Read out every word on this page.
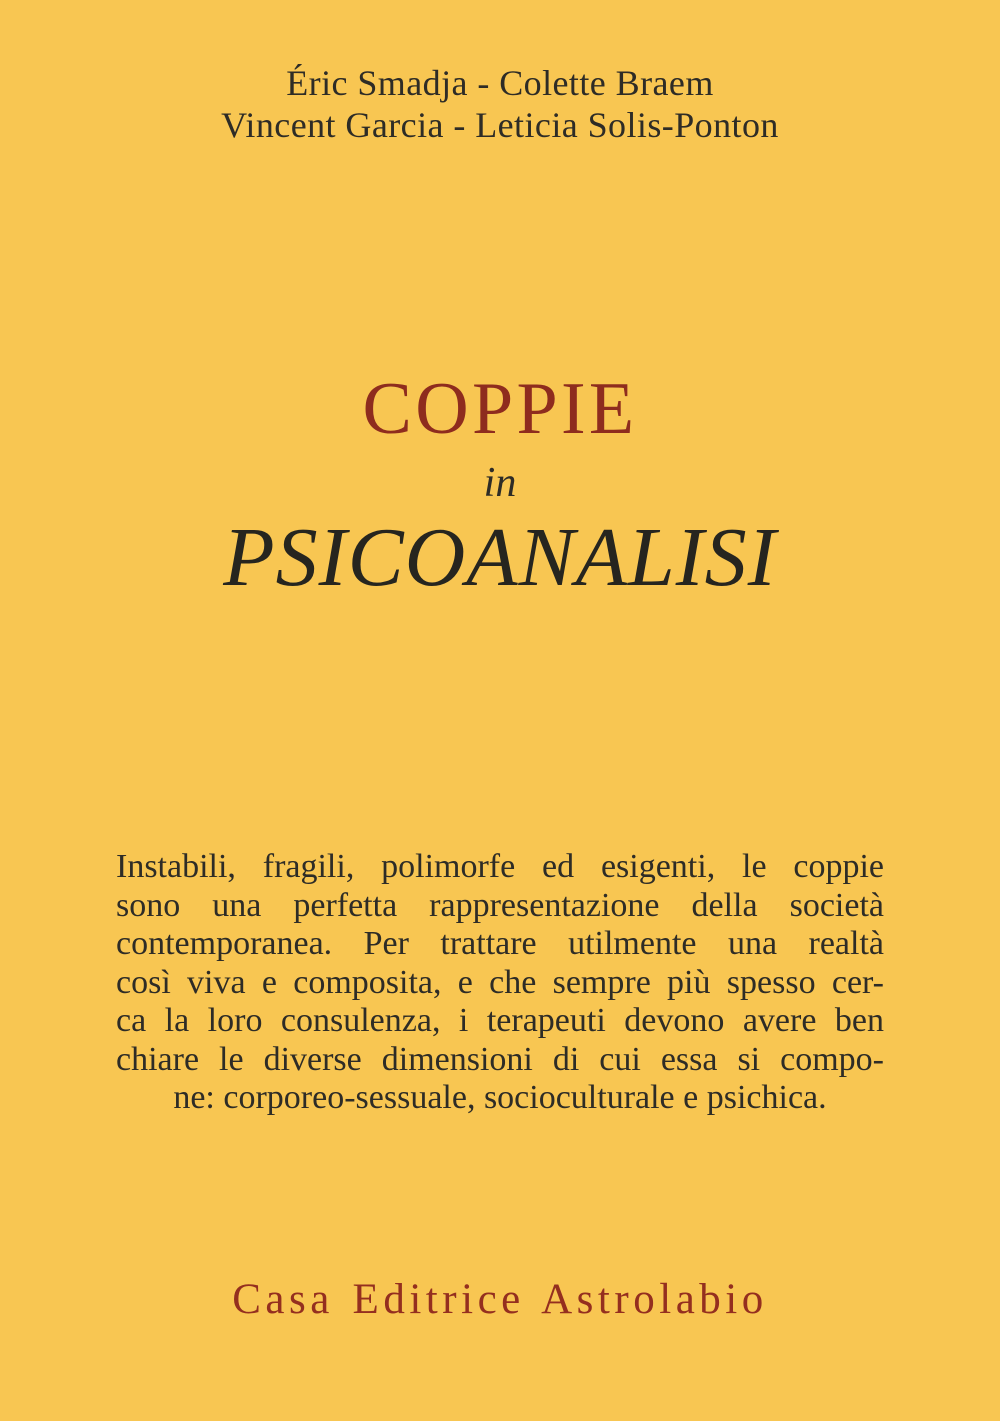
Éric Smadja - Colette Braem
Vincent Garcia - Leticia Solis-Ponton
COPPIE
in
PSICOANALISI
Instabili, fragili, polimorfe ed esigenti, le coppie
sono una perfetta rappresentazione della società
contemporanea. Per trattare utilmente una realtà
così viva e composita, e che sempre più spesso cer-
ca la loro consulenza, i terapeuti devono avere ben
chiare le diverse dimensioni di cui essa si compo-
ne: corporeo-sessuale, socioculturale e psichica.
Casa Editrice Astrolabio
